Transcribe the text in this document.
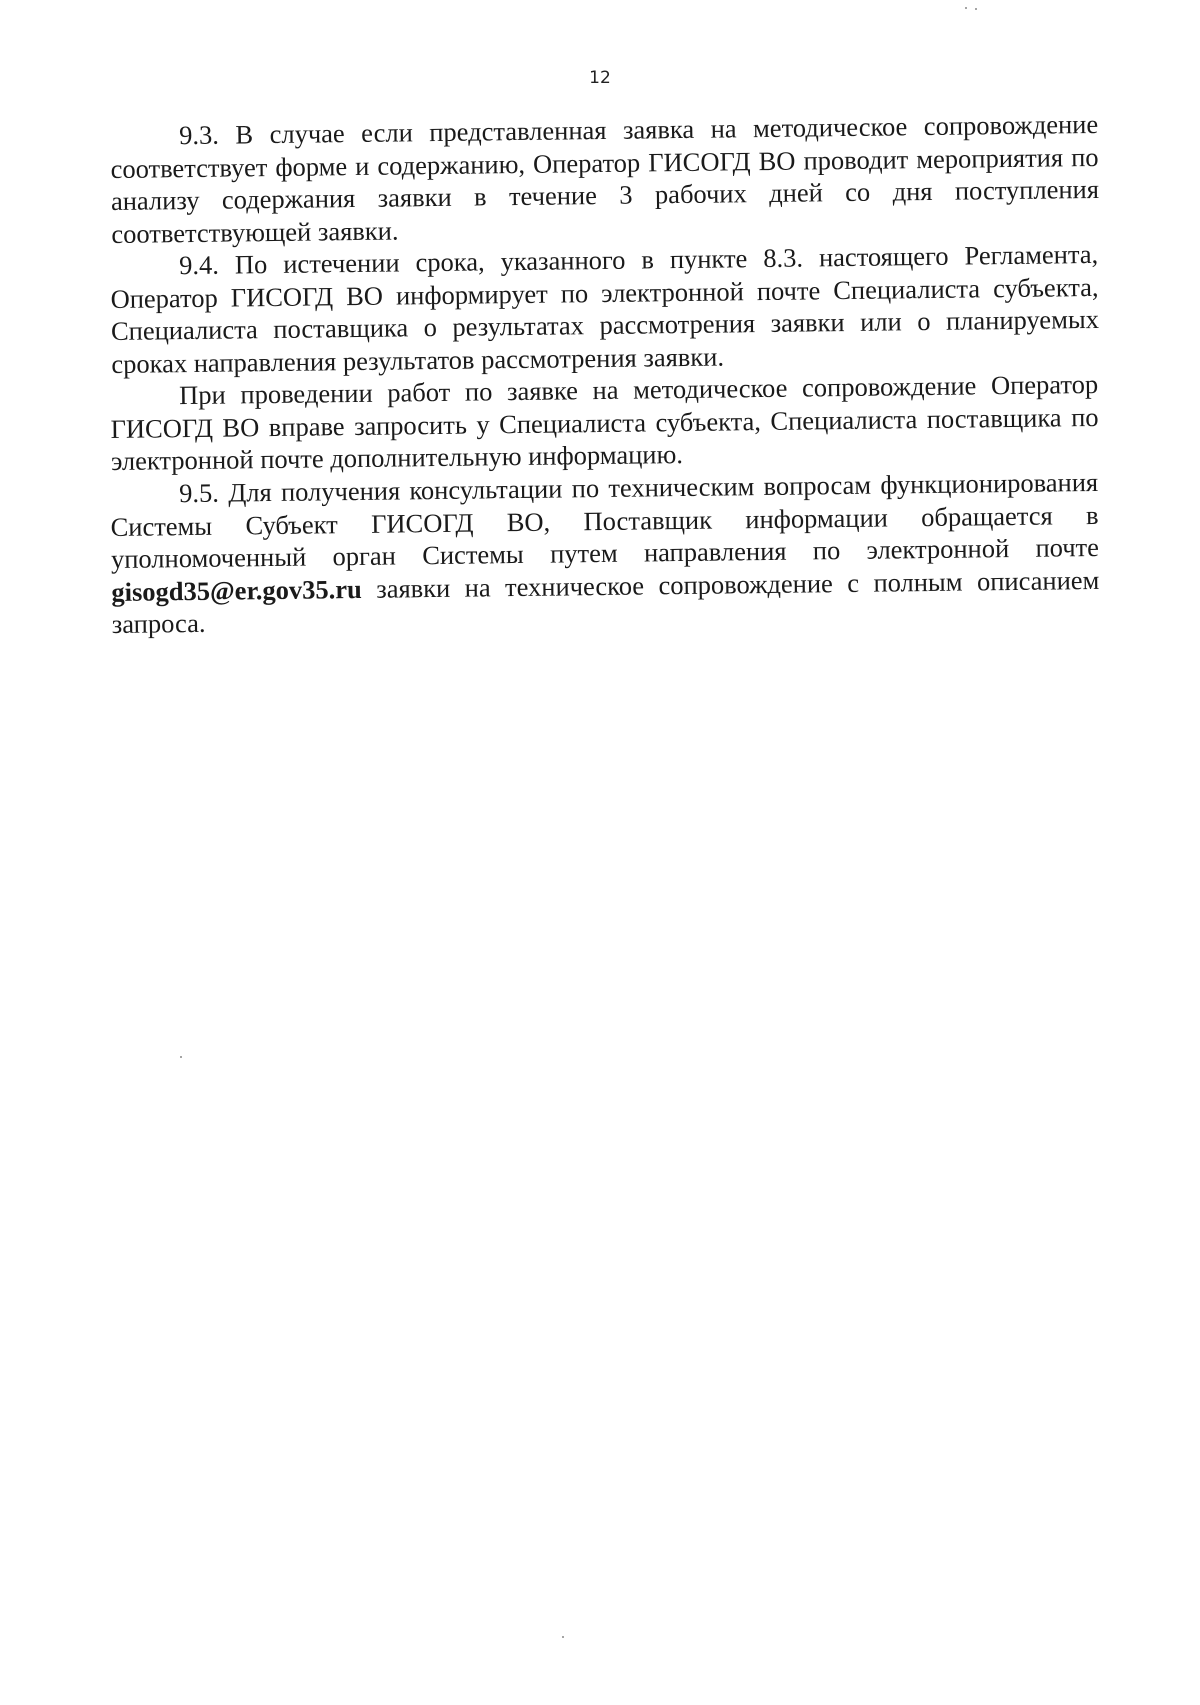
12

9.3. В случае если представленная заявка на методическое сопровождение соответствует форме и содержанию, Оператор ГИСОГД ВО проводит мероприятия по анализу содержания заявки в течение 3 рабочих дней со дня поступления соответствующей заявки.

9.4. По истечении срока, указанного в пункте 8.3. настоящего Регламента, Оператор ГИСОГД ВО информирует по электронной почте Специалиста субъекта, Специалиста поставщика о результатах рассмотрения заявки или о планируемых сроках направления результатов рассмотрения заявки.

При проведении работ по заявке на методическое сопровождение Оператор ГИСОГД ВО вправе запросить у Специалиста субъекта, Специалиста поставщика по электронной почте дополнительную информацию.

9.5. Для получения консультации по техническим вопросам функционирования Системы Субъект ГИСОГД ВО, Поставщик информации обращается в уполномоченный орган Системы путем направления по электронной почте gisogd35@er.gov35.ru заявки на техническое сопровождение с полным описанием запроса.
